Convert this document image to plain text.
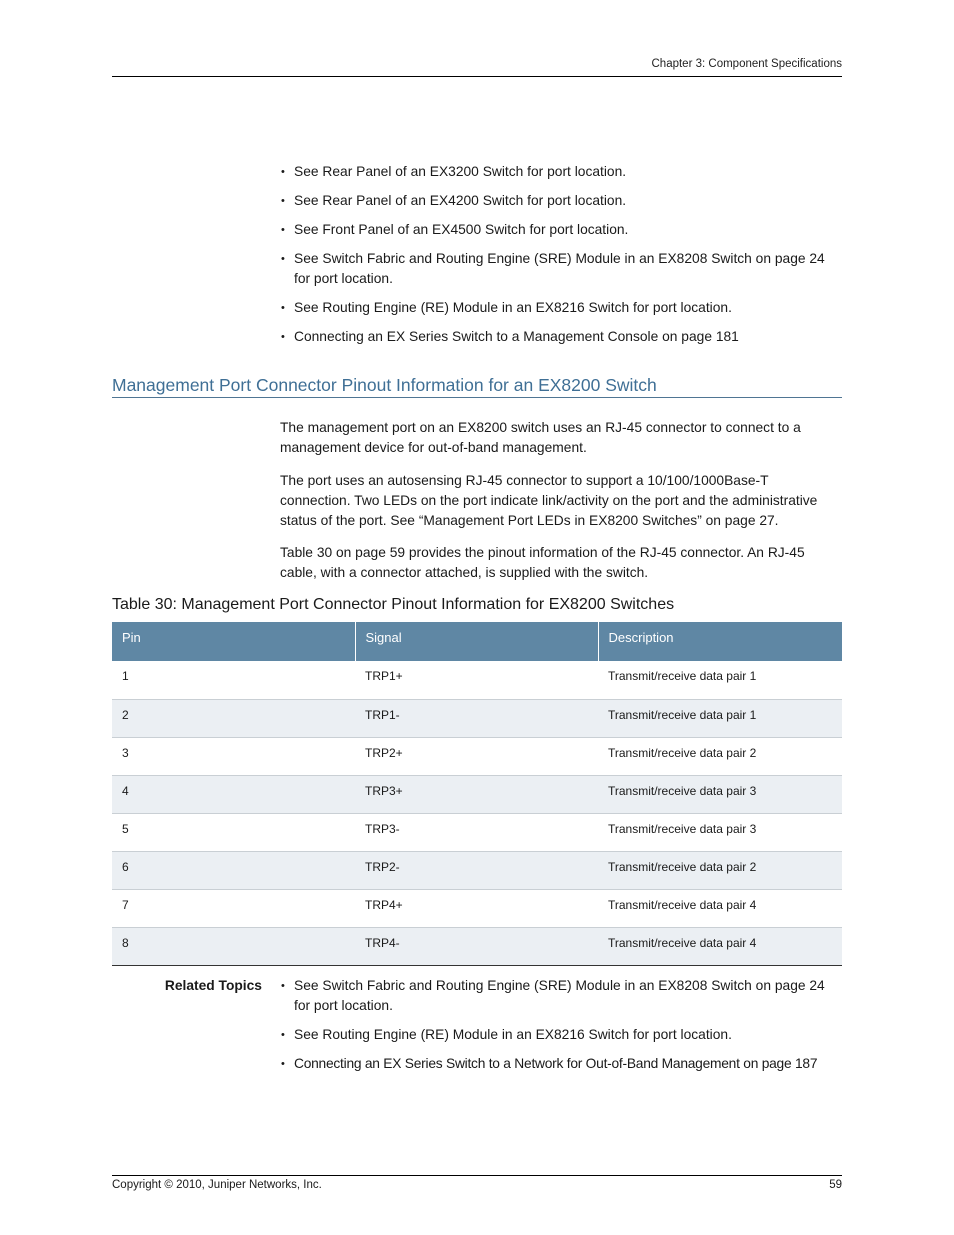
Chapter 3: Component Specifications
• See Rear Panel of an EX3200 Switch for port location.
• See Rear Panel of an EX4200 Switch for port location.
• See Front Panel of an EX4500 Switch for port location.
• See Switch Fabric and Routing Engine (SRE) Module in an EX8208 Switch on page 24 for port location.
• See Routing Engine (RE) Module in an EX8216 Switch for port location.
• Connecting an EX Series Switch to a Management Console on page 181
Management Port Connector Pinout Information for an EX8200 Switch

The management port on an EX8200 switch uses an RJ-45 connector to connect to a management device for out-of-band management.

The port uses an autosensing RJ-45 connector to support a 10/100/1000Base-T connection. Two LEDs on the port indicate link/activity on the port and the administrative status of the port. See “Management Port LEDs in EX8200 Switches” on page 27.

Table 30 on page 59 provides the pinout information of the RJ-45 connector. An RJ-45 cable, with a connector attached, is supplied with the switch.

Table 30: Management Port Connector Pinout Information for EX8200 Switches
Pin	Signal	Description
1	TRP1+	Transmit/receive data pair 1
2	TRP1-	Transmit/receive data pair 1
3	TRP2+	Transmit/receive data pair 2
4	TRP3+	Transmit/receive data pair 3
5	TRP3-	Transmit/receive data pair 3
6	TRP2-	Transmit/receive data pair 2
7	TRP4+	Transmit/receive data pair 4
8	TRP4-	Transmit/receive data pair 4
Related Topics	• See Switch Fabric and Routing Engine (SRE) Module in an EX8208 Switch on page 24 for port location.
• See Routing Engine (RE) Module in an EX8216 Switch for port location.
• Connecting an EX Series Switch to a Network for Out-of-Band Management on page 187
Copyright © 2010, Juniper Networks, Inc.	59
